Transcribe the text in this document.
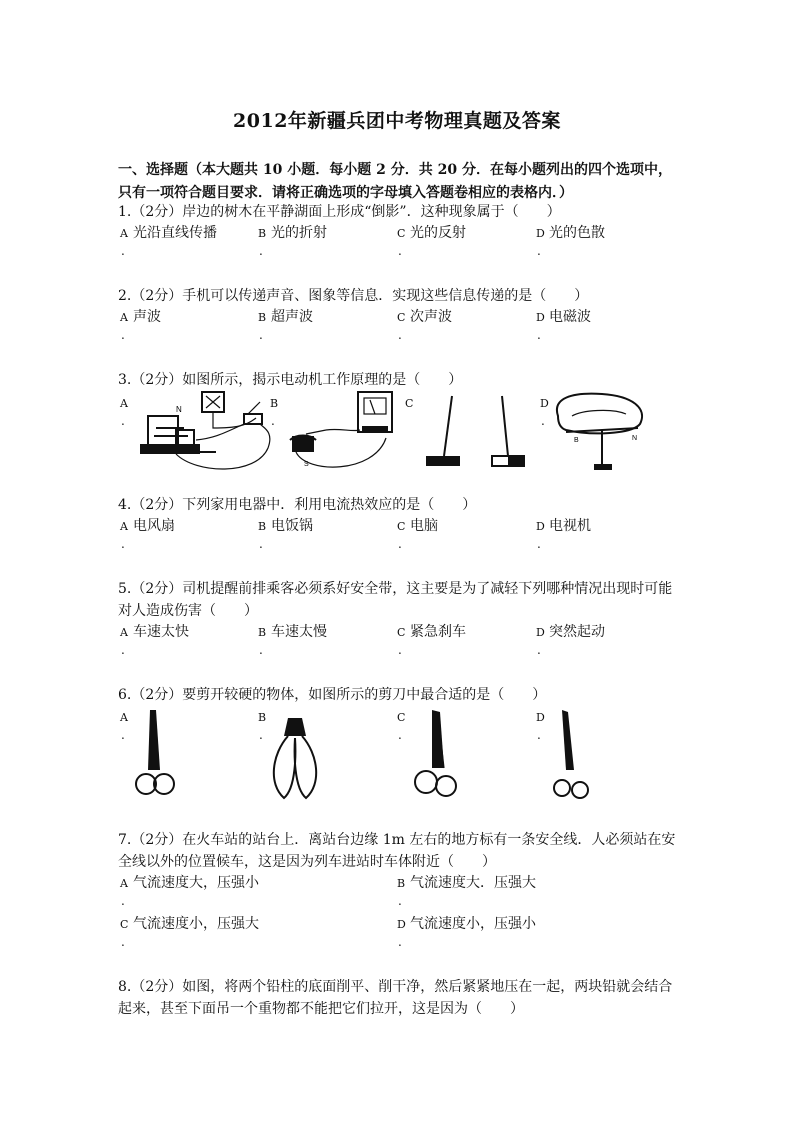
2012年新疆兵团中考物理真题及答案
一、选择题（本大题共 10 小题．每小题 2 分．共 20 分．在每小题列出的四个选项中，只有一项符合题目要求．请将正确选项的字母填入答题卷相应的表格内．）
1.（2分）岸边的树木在平静湖面上形成“倒影”．这种现象属于（　　）
A 光沿直线传播	B 光的折射	C 光的反射	D 光的色散
.	.	.	.
2.（2分）手机可以传递声音、图象等信息．实现这些信息传递的是（　　）
A 声波	B 超声波	C 次声波	D 电磁波
.	.	.	.
3.（2分）如图所示，揭示电动机工作原理的是（　　）
A	B	C	D
.	.	.
N
S
B	N
4.（2分）下列家用电器中．利用电流热效应的是（　　）
A 电风扇	B 电饭锅	C 电脑	D 电视机
.	.	.	.
5.（2分）司机提醒前排乘客必须系好安全带，这主要是为了减轻下列哪种情况出现时可能对人造成伤害（　　）
A 车速太快	B 车速太慢	C 紧急刹车	D 突然起动
.	.	.	.
6.（2分）要剪开较硬的物体，如图所示的剪刀中最合适的是（　　）
A	B	C	D
.	.	.	.
7.（2分）在火车站的站台上．离站台边缘 1m 左右的地方标有一条安全线．人必须站在安全线以外的位置候车，这是因为列车进站时车体附近（　　）
A 气流速度大，压强小	B 气流速度大．压强大
.	.
C 气流速度小，压强大	D 气流速度小，压强小
.	.
8.（2分）如图，将两个铅柱的底面削平、削干净，然后紧紧地压在一起，两块铅就会结合起来，甚至下面吊一个重物都不能把它们拉开，这是因为（　　）
